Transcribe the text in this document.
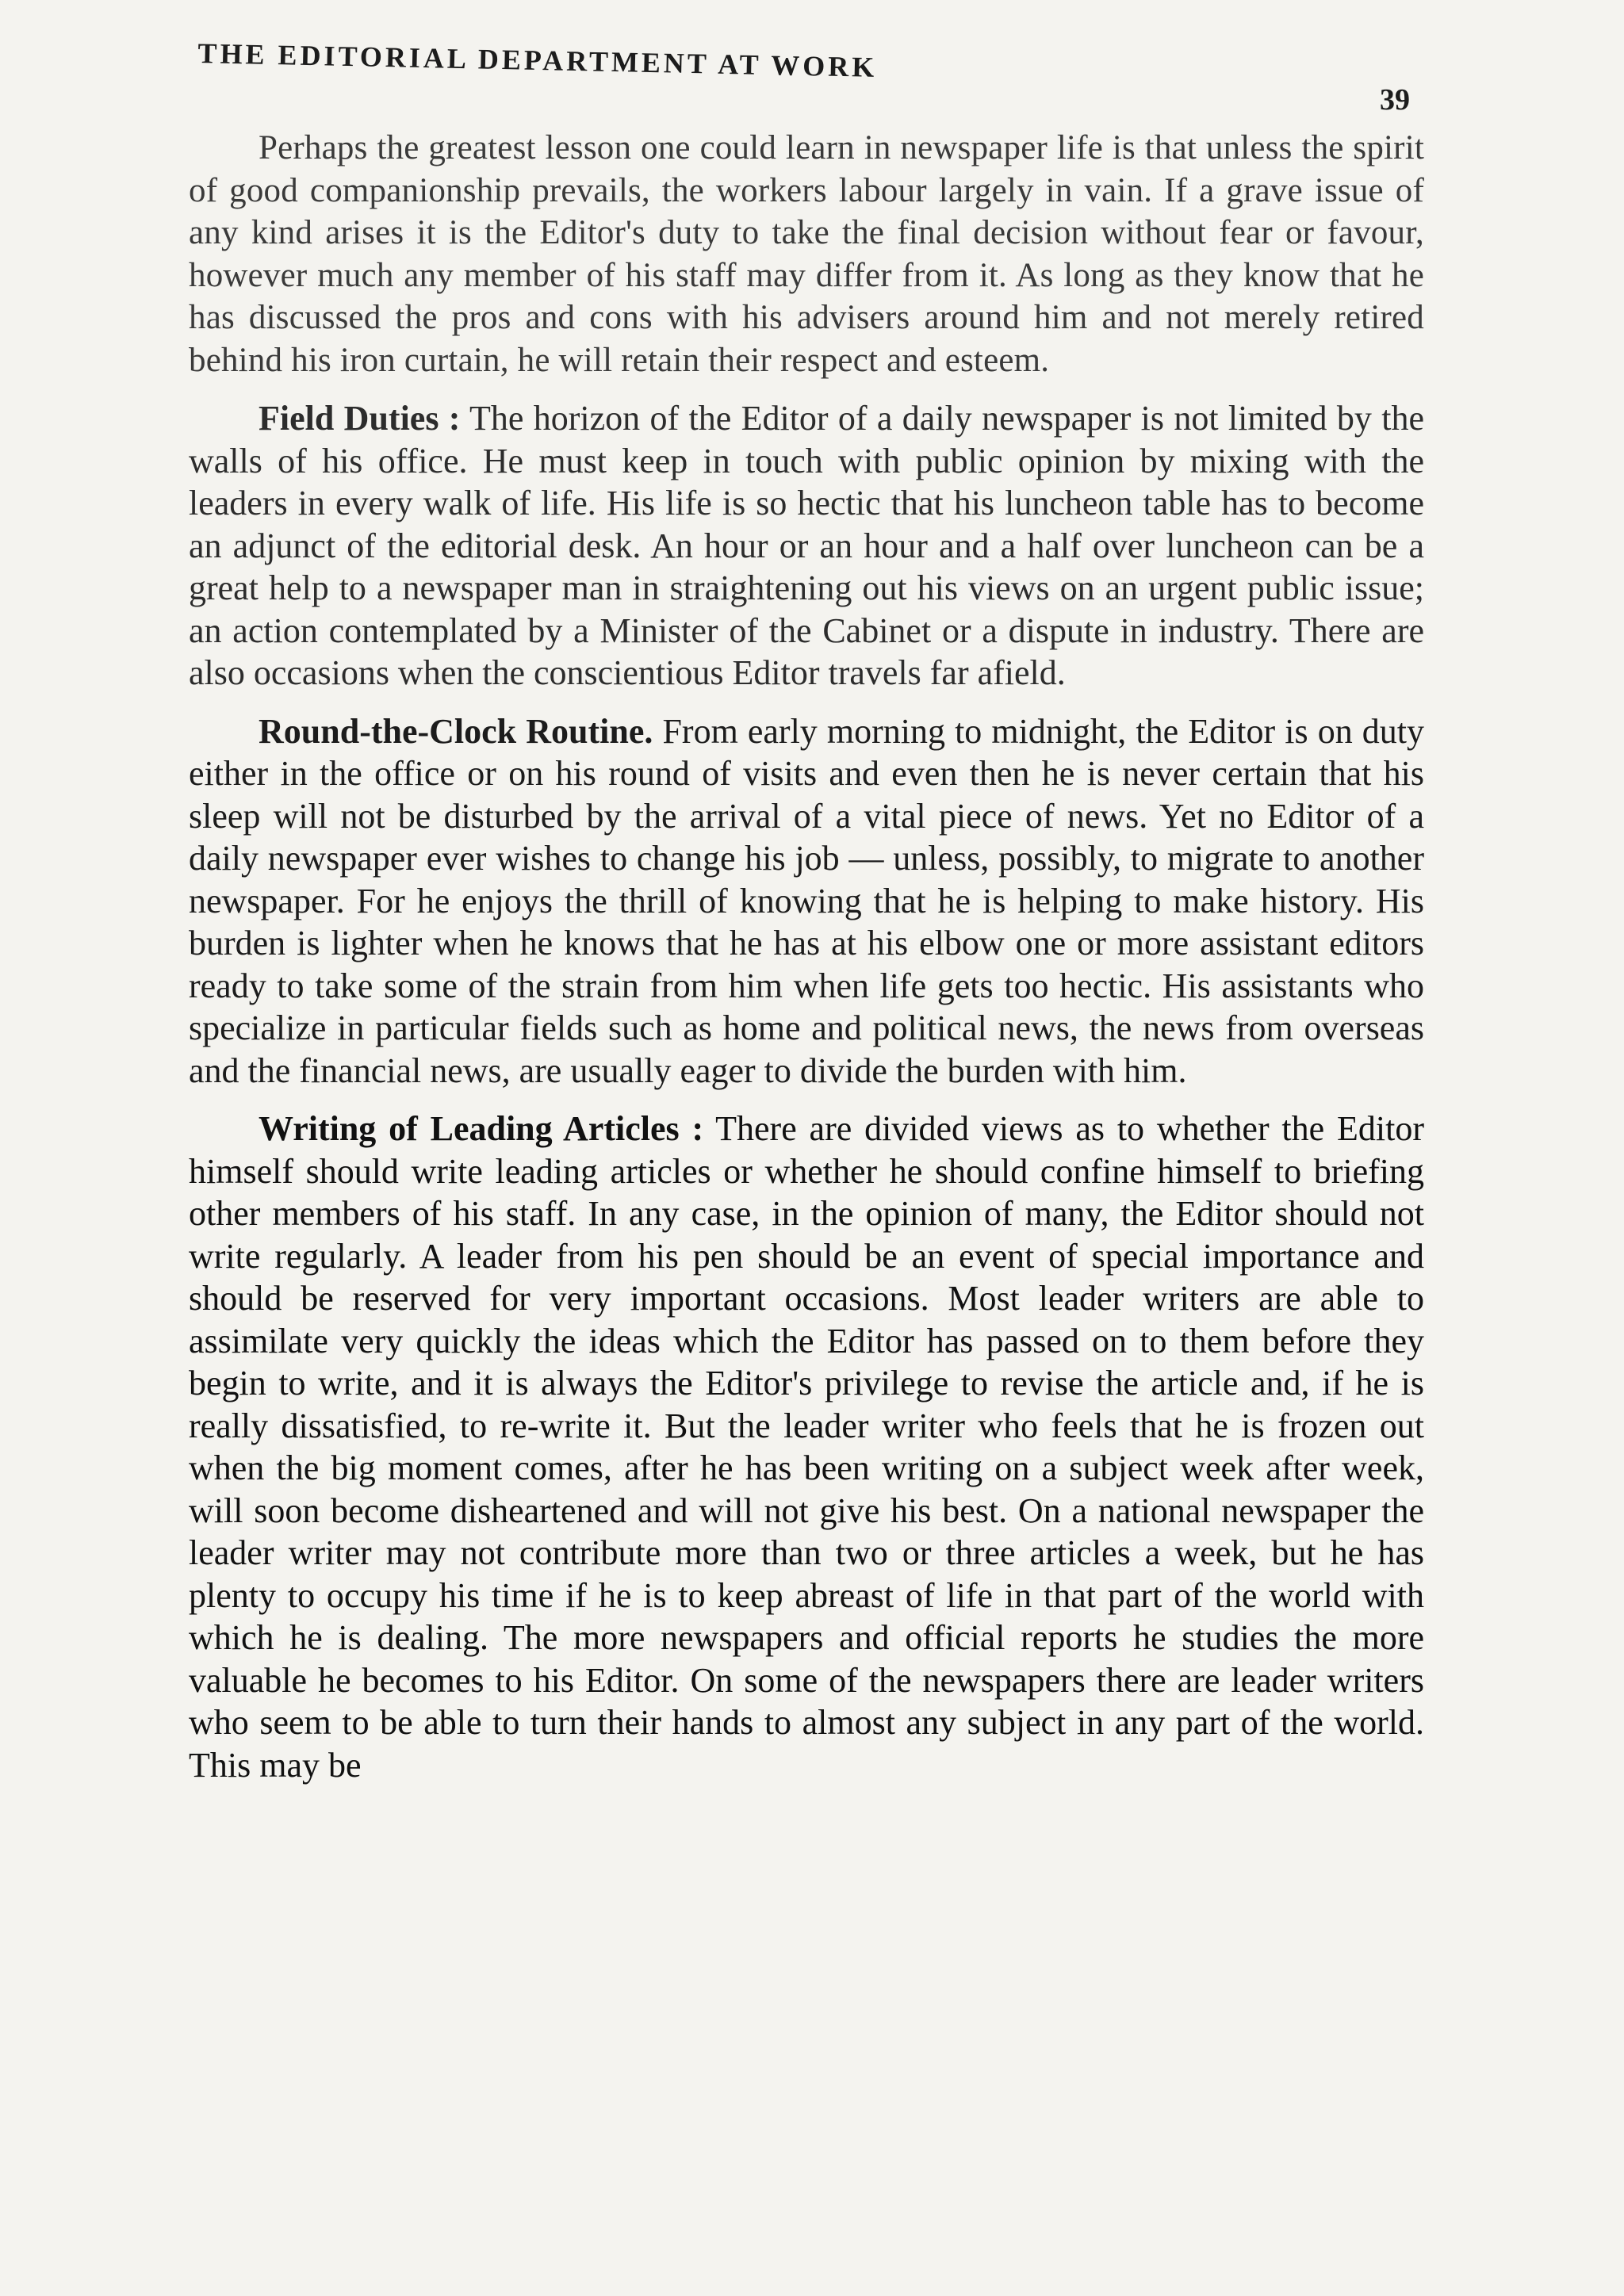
THE EDITORIAL DEPARTMENT AT WORK
39

Perhaps the greatest lesson one could learn in newspaper life is that unless the spirit of good companionship prevails, the workers labour largely in vain. If a grave issue of any kind arises it is the Editor's duty to take the final decision without fear or favour, however much any member of his staff may differ from it. As long as they know that he has discussed the pros and cons with his advisers around him and not merely retired behind his iron curtain, he will retain their respect and esteem.

Field Duties : The horizon of the Editor of a daily newspaper is not limited by the walls of his office. He must keep in touch with public opinion by mixing with the leaders in every walk of life. His life is so hectic that his luncheon table has to become an adjunct of the editorial desk. An hour or an hour and a half over luncheon can be a great help to a newspaper man in straightening out his views on an urgent public issue; an action contemplated by a Minister of the Cabinet or a dispute in industry. There are also occasions when the conscientious Editor travels far afield.

Round-the-Clock Routine. From early morning to midnight, the Editor is on duty either in the office or on his round of visits and even then he is never certain that his sleep will not be disturbed by the arrival of a vital piece of news. Yet no Editor of a daily newspaper ever wishes to change his job — unless, possibly, to migrate to another newspaper. For he enjoys the thrill of knowing that he is helping to make history. His burden is lighter when he knows that he has at his elbow one or more assistant editors ready to take some of the strain from him when life gets too hectic. His assistants who specialize in particular fields such as home and political news, the news from overseas and the financial news, are usually eager to divide the burden with him.

Writing of Leading Articles : There are divided views as to whether the Editor himself should write leading articles or whether he should confine himself to briefing other members of his staff. In any case, in the opinion of many, the Editor should not write regularly. A leader from his pen should be an event of special importance and should be reserved for very important occasions. Most leader writers are able to assimilate very quickly the ideas which the Editor has passed on to them before they begin to write, and it is always the Editor's privilege to revise the article and, if he is really dissatisfied, to re-write it. But the leader writer who feels that he is frozen out when the big moment comes, after he has been writing on a subject week after week, will soon become disheartened and will not give his best. On a national newspaper the leader writer may not contribute more than two or three articles a week, but he has plenty to occupy his time if he is to keep abreast of life in that part of the world with which he is dealing. The more newspapers and official reports he studies the more valuable he becomes to his Editor. On some of the newspapers there are leader writers who seem to be able to turn their hands to almost any subject in any part of the world. This may be
